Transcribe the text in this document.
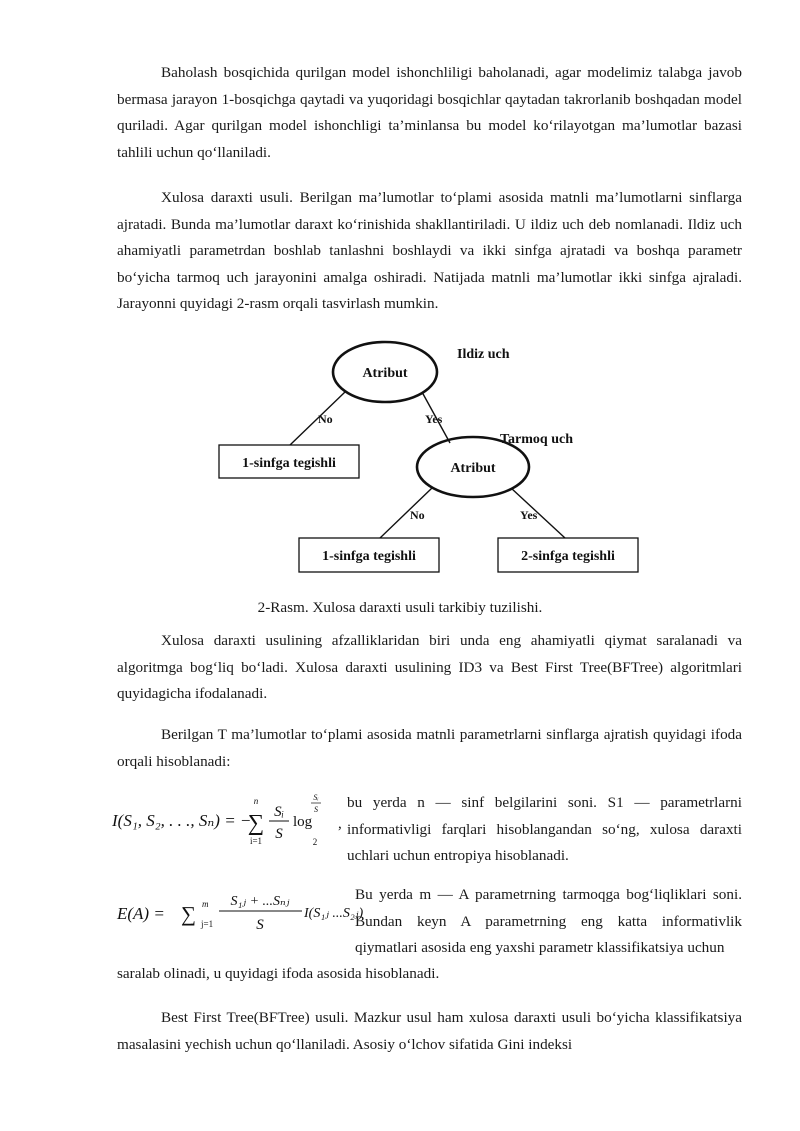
Baholash bosqichida qurilgan model ishonchliligi baholanadi, agar modelimiz talabga javob bermasa jarayon 1-bosqichga qaytadi va yuqoridagi bosqichlar qaytadan takrorlanib boshqadan model quriladi. Agar qurilgan model ishonchligi ta’minlansa bu model ko‘rilayotgan ma’lumotlar bazasi tahlili uchun qo‘llaniladi.

Xulosa daraxti usuli. Berilgan ma’lumotlar to‘plami asosida matnli ma’lumotlarni sinflarga ajratadi. Bunda ma’lumotlar daraxt ko‘rinishida shakllantiriladi. U ildiz uch deb nomlanadi. Ildiz uch ahamiyatli parametrdan boshlab tanlashni boshlaydi va ikki sinfga ajratadi va boshqa parametr bo‘yicha tarmoq uch jarayonini amalga oshiradi. Natijada matnli ma’lumotlar ikki sinfga ajraladi. Jarayonni quyidagi 2-rasm orqali tasvirlash mumkin.

Atribut
Ildiz uch
No	Yes
1-sinfga tegishli	Atribut
Tarmoq uch
No	Yes
1-sinfga tegishli	2-sinfga tegishli

2-Rasm. Xulosa daraxti usuli tarkibiy tuzilishi.

Xulosa daraxti usulining afzalliklaridan biri unda eng ahamiyatli qiymat saralanadi va algoritmga bog‘liq bo‘ladi. Xulosa daraxti usulining ID3 va Best First Tree(BFTree) algoritmlari quyidagicha ifodalanadi.

Berilgan T ma’lumotlar to‘plami asosida matnli parametrlarni sinflarga ajratish quyidagi ifoda orqali hisoblanadi:

I(S₁, S₂, . . ., Sₙ) = −
n
∑
i=1
Sᵢ
S
log
Sᵢ
S
2
,

bu yerda n — sinf belgilarini soni. S1 — parametrlarni informativligi farqlari hisoblangandan so‘ng, xulosa daraxti uchlari uchun entropiya hisoblanadi.

E(A) = ∑ m
j=1
S₁ⱼ + ...Sₙⱼ
S
I(S₁ⱼ ...S₂ⱼ)

Bu yerda m — A parametrning tarmoqga bog‘liqliklari soni. Bundan keyn A parametrning eng katta informativlik qiymatlari asosida eng yaxshi parametr klassifikatsiya uchun

saralab olinadi, u quyidagi ifoda asosida hisoblanadi.

Best First Tree(BFTree) usuli. Mazkur usul ham xulosa daraxti usuli bo‘yicha klassifikatsiya masalasini yechish uchun qo‘llaniladi. Asosiy o‘lchov sifatida Gini indeksi
